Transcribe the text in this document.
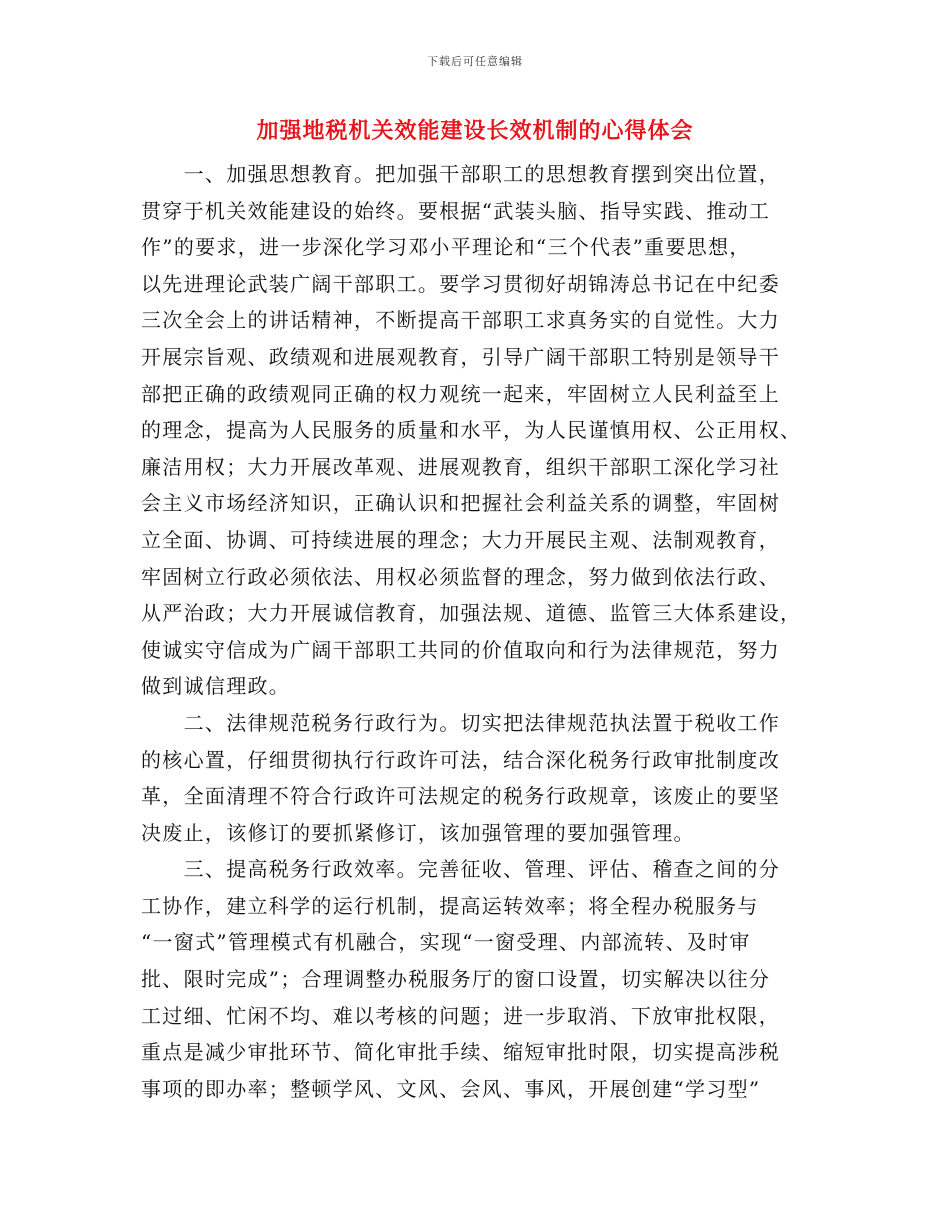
下载后可任意编辑
加强地税机关效能建设长效机制的心得体会

　　一、加强思想教育。把加强干部职工的思想教育摆到突出位置，
贯穿于机关效能建设的始终。要根据“武装头脑、指导实践、推动工
作”的要求，进一步深化学习邓小平理论和“三个代表”重要思想，
以先进理论武装广阔干部职工。要学习贯彻好胡锦涛总书记在中纪委
三次全会上的讲话精神，不断提高干部职工求真务实的自觉性。大力
开展宗旨观、政绩观和进展观教育，引导广阔干部职工特别是领导干
部把正确的政绩观同正确的权力观统一起来，牢固树立人民利益至上
的理念，提高为人民服务的质量和水平，为人民谨慎用权、公正用权、
廉洁用权；大力开展改革观、进展观教育，组织干部职工深化学习社
会主义市场经济知识，正确认识和把握社会利益关系的调整，牢固树
立全面、协调、可持续进展的理念；大力开展民主观、法制观教育，
牢固树立行政必须依法、用权必须监督的理念，努力做到依法行政、
从严治政；大力开展诚信教育，加强法规、道德、监管三大体系建设，
使诚实守信成为广阔干部职工共同的价值取向和行为法律规范，努力
做到诚信理政。

　　二、法律规范税务行政行为。切实把法律规范执法置于税收工作
的核心置，仔细贯彻执行行政许可法，结合深化税务行政审批制度改
革，全面清理不符合行政许可法规定的税务行政规章，该废止的要坚
决废止，该修订的要抓紧修订，该加强管理的要加强管理。

　　三、提高税务行政效率。完善征收、管理、评估、稽查之间的分
工协作，建立科学的运行机制，提高运转效率；将全程办税服务与
“一窗式”管理模式有机融合，实现“一窗受理、内部流转、及时审
批、限时完成”；合理调整办税服务厅的窗口设置，切实解决以往分
工过细、忙闲不均、难以考核的问题；进一步取消、下放审批权限，
重点是减少审批环节、简化审批手续、缩短审批时限，切实提高涉税
事项的即办率；整顿学风、文风、会风、事风，开展创建“学习型”
